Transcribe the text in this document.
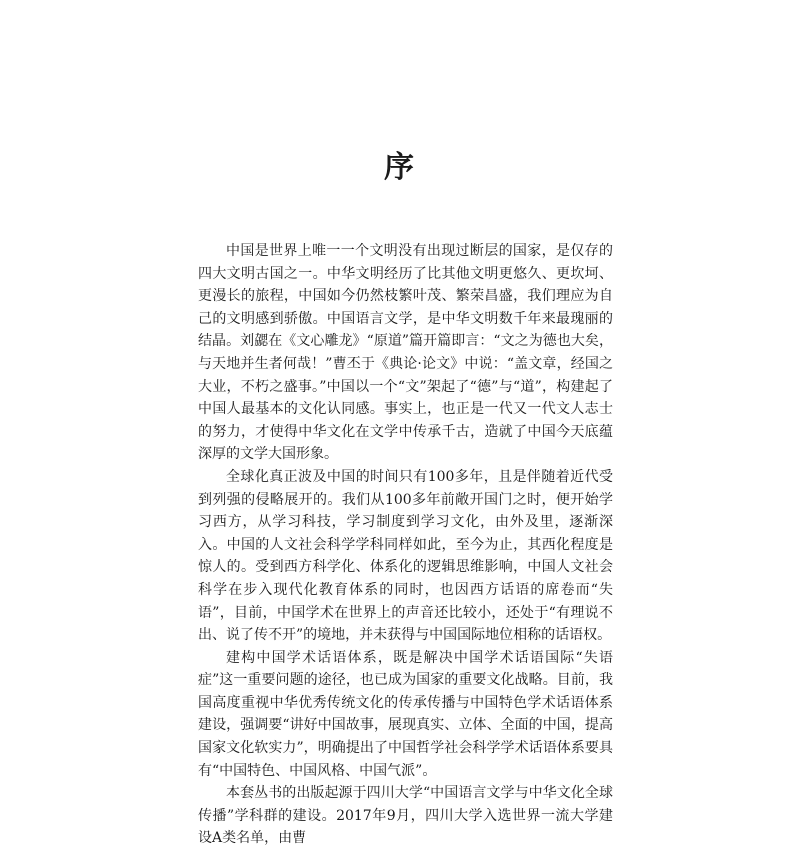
序

中国是世界上唯一一个文明没有出现过断层的国家，是仅存的四大文明古国之一。中华文明经历了比其他文明更悠久、更坎坷、更漫长的旅程，中国如今仍然枝繁叶茂、繁荣昌盛，我们理应为自己的文明感到骄傲。中国语言文学，是中华文明数千年来最瑰丽的结晶。刘勰在《文心雕龙》“原道”篇开篇即言：“文之为德也大矣，与天地并生者何哉！”曹丕于《典论·论文》中说：“盖文章，经国之大业，不朽之盛事。”中国以一个“文”架起了“德”与“道”，构建起了中国人最基本的文化认同感。事实上，也正是一代又一代文人志士的努力，才使得中华文化在文学中传承千古，造就了中国今天底蕴深厚的文学大国形象。

全球化真正波及中国的时间只有100多年，且是伴随着近代受到列强的侵略展开的。我们从100多年前敞开国门之时，便开始学习西方，从学习科技，学习制度到学习文化，由外及里，逐渐深入。中国的人文社会科学学科同样如此，至今为止，其西化程度是惊人的。受到西方科学化、体系化的逻辑思维影响，中国人文社会科学在步入现代化教育体系的同时，也因西方话语的席卷而“失语”，目前，中国学术在世界上的声音还比较小，还处于“有理说不出、说了传不开”的境地，并未获得与中国国际地位相称的话语权。

建构中国学术话语体系，既是解决中国学术话语国际“失语症”这一重要问题的途径，也已成为国家的重要文化战略。目前，我国高度重视中华优秀传统文化的传承传播与中国特色学术话语体系建设，强调要“讲好中国故事，展现真实、立体、全面的中国，提高国家文化软实力”，明确提出了中国哲学社会科学学术话语体系要具有“中国特色、中国风格、中国气派”。

本套丛书的出版起源于四川大学“中国语言文学与中华文化全球传播”学科群的建设。2017年9月，四川大学入选世界一流大学建设A类名单，由曹
